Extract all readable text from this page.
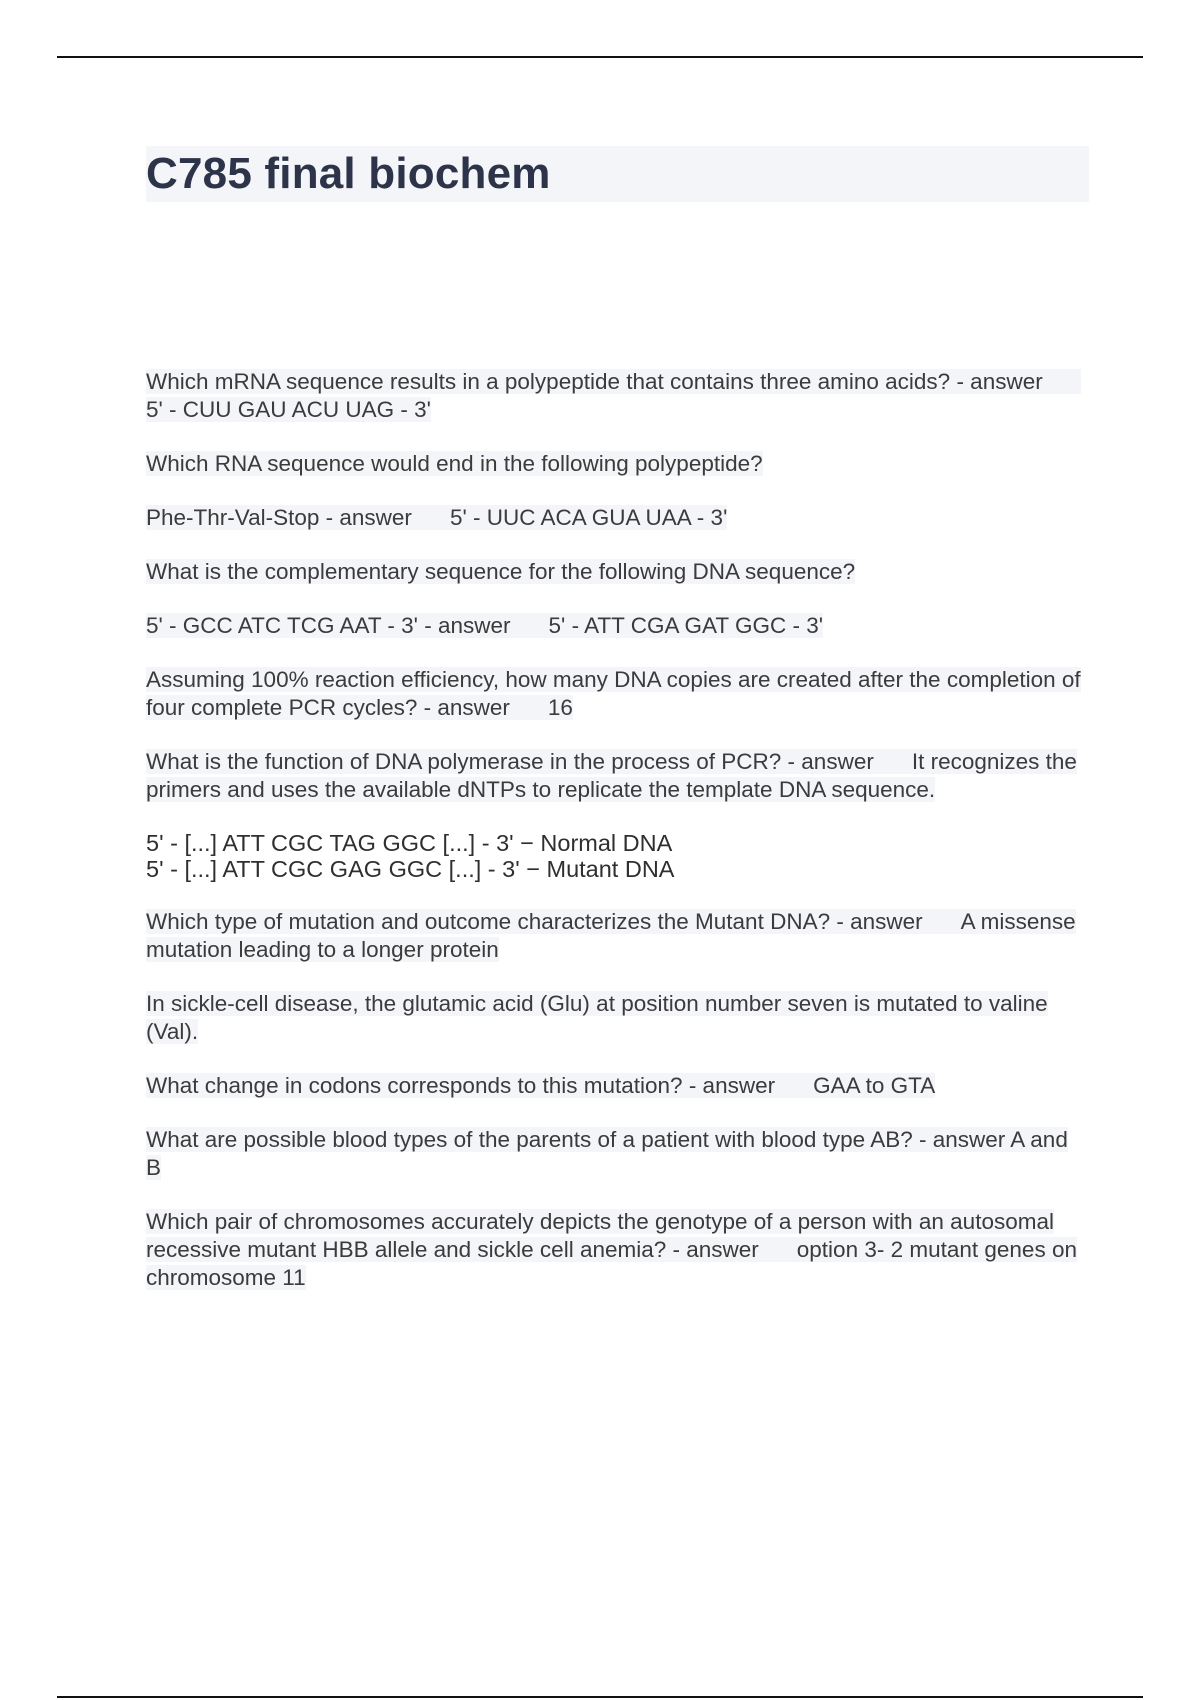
C785 final biochem

Which mRNA sequence results in a polypeptide that contains three amino acids? - answer5' - CUU GAU ACU UAG - 3'

Which RNA sequence would end in the following polypeptide?

Phe-Thr-Val-Stop - answer 5' - UUC ACA GUA UAA - 3'

What is the complementary sequence for the following DNA sequence?

5' - GCC ATC TCG AAT - 3' - answer 5' - ATT CGA GAT GGC - 3'

Assuming 100% reaction efficiency, how many DNA copies are created after the completion of four complete PCR cycles? - answer 16

What is the function of DNA polymerase in the process of PCR? - answer It recognizes the primers and uses the available dNTPs to replicate the template DNA sequence.

5' - [...] ATT CGC TAG GGC [...] - 3' − Normal DNA
5' - [...] ATT CGC GAG GGC [...] - 3' − Mutant DNA

Which type of mutation and outcome characterizes the Mutant DNA? - answer A missense mutation leading to a longer protein

In sickle-cell disease, the glutamic acid (Glu) at position number seven is mutated to valine (Val).

What change in codons corresponds to this mutation? - answer GAA to GTA

What are possible blood types of the parents of a patient with blood type AB? - answer A and B

Which pair of chromosomes accurately depicts the genotype of a person with an autosomal recessive mutant HBB allele and sickle cell anemia? - answer option 3- 2 mutant genes on chromosome 11
